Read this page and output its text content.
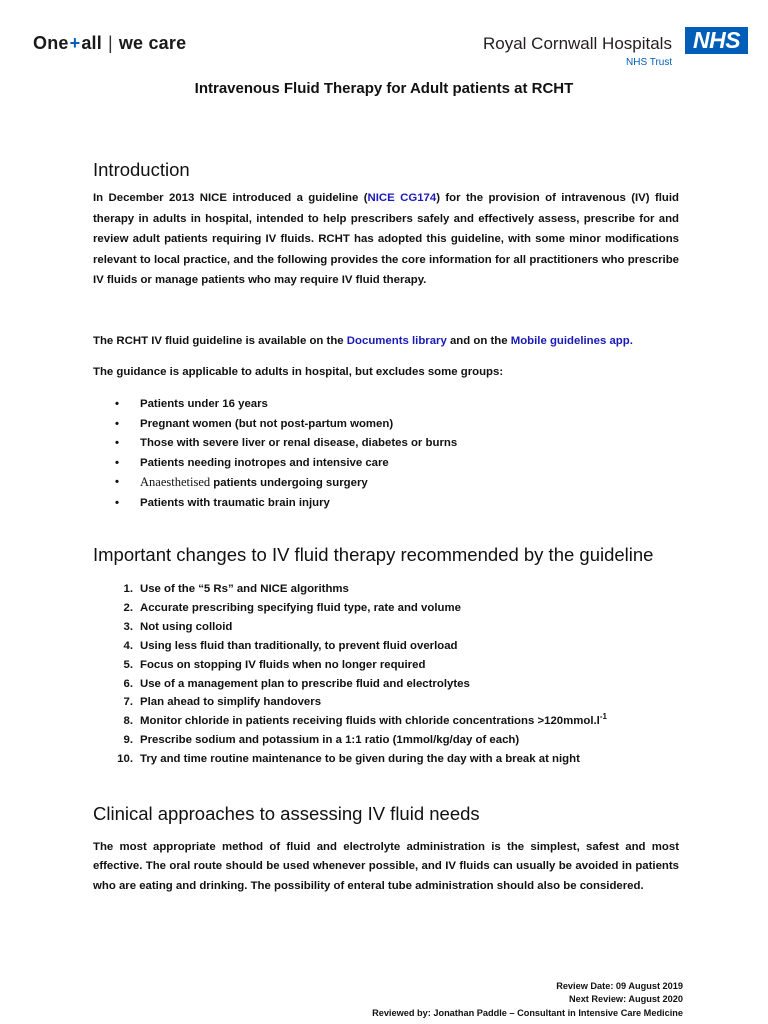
One+all | we care	Royal Cornwall Hospitals
NHS Trust
NHS
Intravenous Fluid Therapy for Adult patients at RCHT
Introduction

In December 2013 NICE introduced a guideline (NICE CG174) for the provision of intravenous (IV) fluid therapy in adults in hospital, intended to help prescribers safely and effectively assess, prescribe for and review adult patients requiring IV fluids. RCHT has adopted this guideline, with some minor modifications relevant to local practice, and the following provides the core information for all practitioners who prescribe IV fluids or manage patients who may require IV fluid therapy.

The RCHT IV fluid guideline is available on the Documents library and on the Mobile guidelines app.

The guidance is applicable to adults in hospital, but excludes some groups:

• Patients under 16 years
• Pregnant women (but not post-partum women)
• Those with severe liver or renal disease, diabetes or burns
• Patients needing inotropes and intensive care
• Anaesthetised patients undergoing surgery
• Patients with traumatic brain injury
Important changes to IV fluid therapy recommended by the guideline
1. Use of the “5 Rs” and NICE algorithms
2. Accurate prescribing specifying fluid type, rate and volume
3. Not using colloid
4. Using less fluid than traditionally, to prevent fluid overload
5. Focus on stopping IV fluids when no longer required
6. Use of a management plan to prescribe fluid and electrolytes
7. Plan ahead to simplify handovers
8. Monitor chloride in patients receiving fluids with chloride concentrations $>120mmol.l^{-1}$
9. Prescribe sodium and potassium in a 1:1 ratio (1mmol/kg/day of each)
10. Try and time routine maintenance to be given during the day with a break at night
Clinical approaches to assessing IV fluid needs

The most appropriate method of fluid and electrolyte administration is the simplest, safest and most effective. The oral route should be used whenever possible, and IV fluids can usually be avoided in patients who are eating and drinking. The possibility of enteral tube administration should also be considered.

Review Date: 09 August 2019
Next Review: August 2020
Reviewed by: Jonathan Paddle – Consultant in Intensive Care Medicine
